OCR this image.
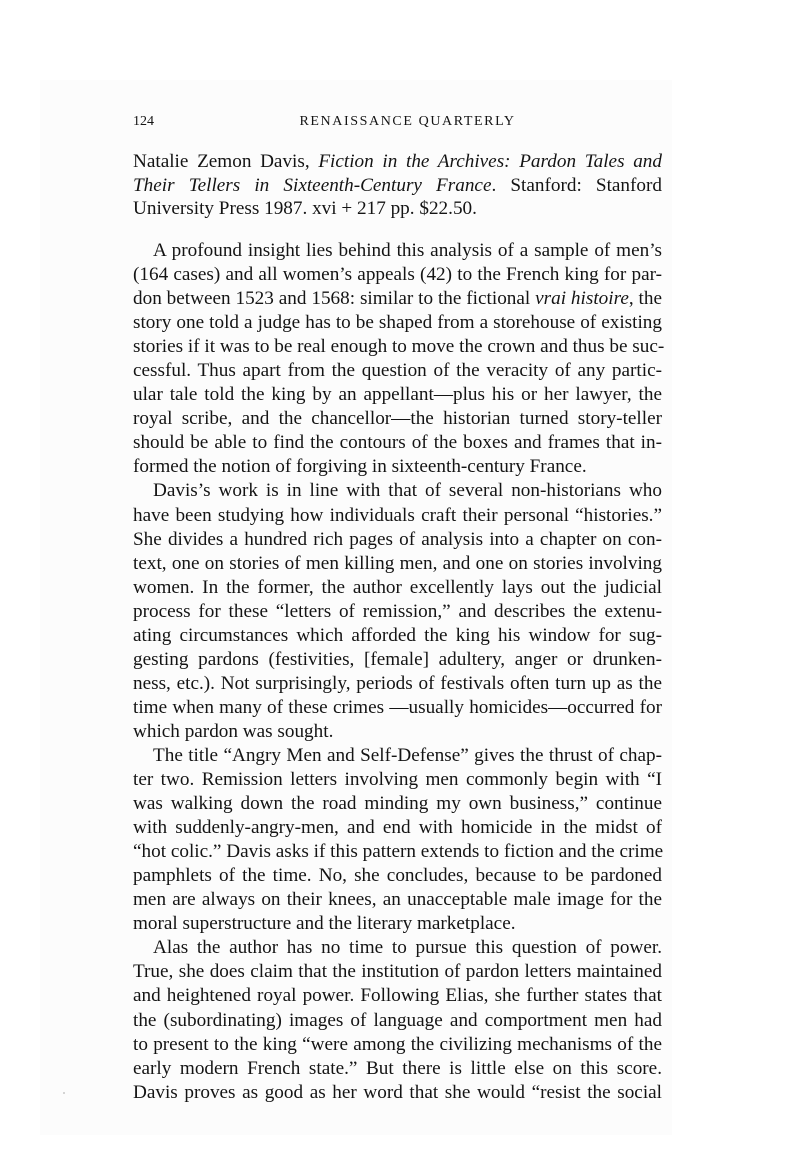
124	RENAISSANCE QUARTERLY
Natalie Zemon Davis, Fiction in the Archives: Pardon Tales and Their Tellers in Sixteenth-Century France. Stanford: Stanford University Press 1987. xvi + 217 pp. $22.50.
A profound insight lies behind this analysis of a sample of men’s
(164 cases) and all women’s appeals (42) to the French king for par-
don between 1523 and 1568: similar to the fictional vrai histoire, the
story one told a judge has to be shaped from a storehouse of existing
stories if it was to be real enough to move the crown and thus be suc-
cessful. Thus apart from the question of the veracity of any partic-
ular tale told the king by an appellant—plus his or her lawyer, the
royal scribe, and the chancellor—the historian turned story-teller
should be able to find the contours of the boxes and frames that in-
formed the notion of forgiving in sixteenth-century France.
Davis’s work is in line with that of several non-historians who
have been studying how individuals craft their personal “histories.”
She divides a hundred rich pages of analysis into a chapter on con-
text, one on stories of men killing men, and one on stories involving
women. In the former, the author excellently lays out the judicial
process for these “letters of remission,” and describes the extenu-
ating circumstances which afforded the king his window for sug-
gesting pardons (festivities, [female] adultery, anger or drunken-
ness, etc.). Not surprisingly, periods of festivals often turn up as the
time when many of these crimes —usually homicides—occurred for
which pardon was sought.
The title “Angry Men and Self-Defense” gives the thrust of chap-
ter two. Remission letters involving men commonly begin with “I
was walking down the road minding my own business,” continue
with suddenly-angry-men, and end with homicide in the midst of
“hot colic.” Davis asks if this pattern extends to fiction and the crime
pamphlets of the time. No, she concludes, because to be pardoned
men are always on their knees, an unacceptable male image for the
moral superstructure and the literary marketplace.
Alas the author has no time to pursue this question of power.
True, she does claim that the institution of pardon letters maintained
and heightened royal power. Following Elias, she further states that
the (subordinating) images of language and comportment men had
to present to the king “were among the civilizing mechanisms of the
early modern French state.” But there is little else on this score.
Davis proves as good as her word that she would “resist the social
